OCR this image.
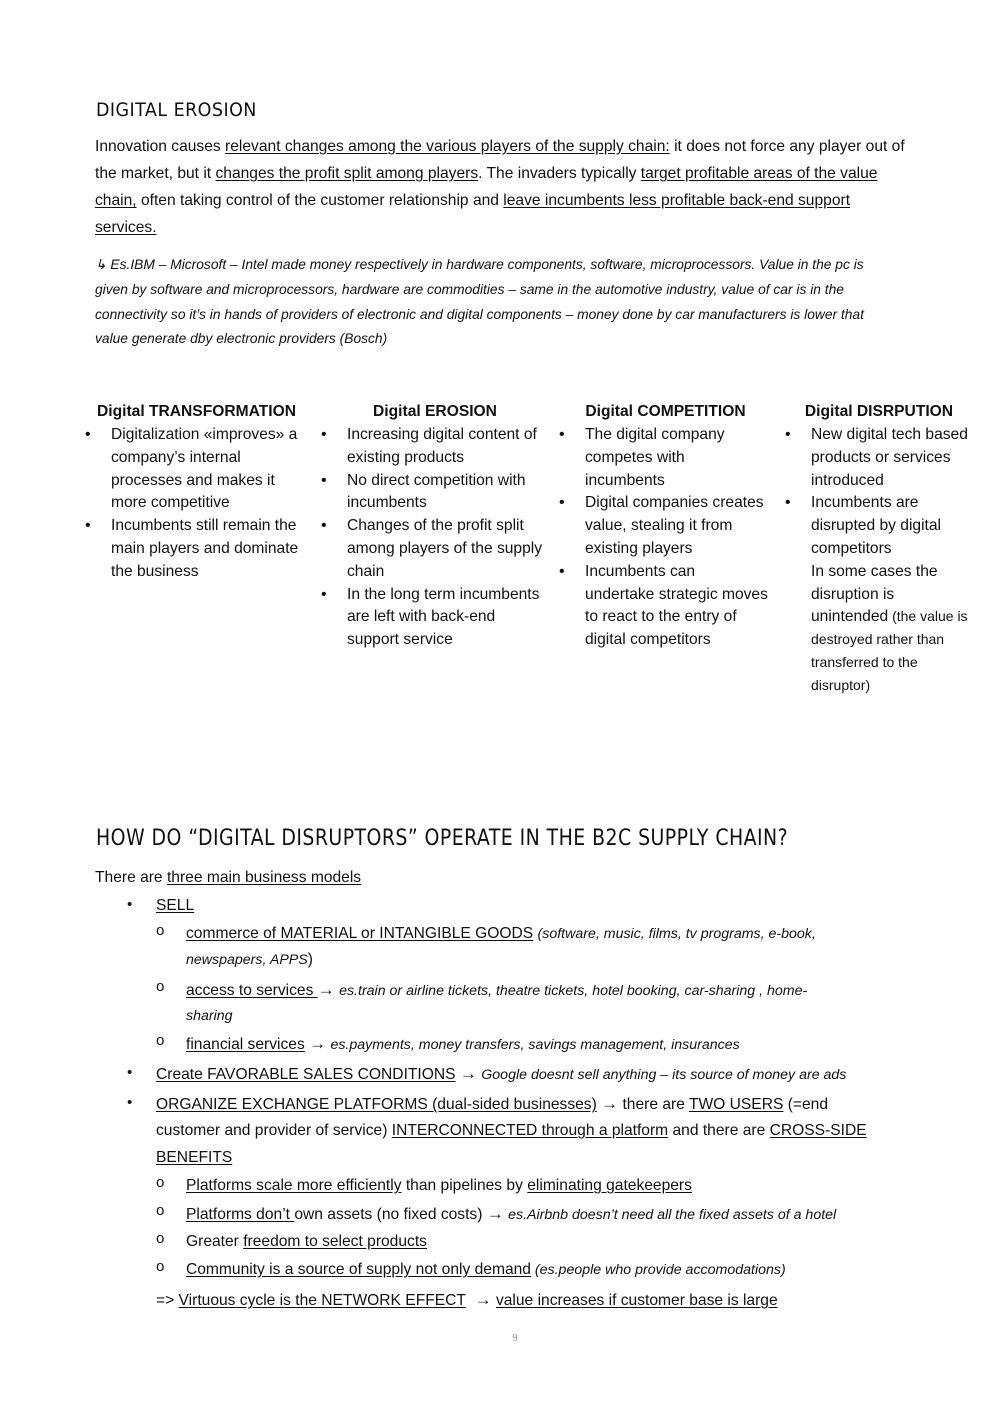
DIGITAL EROSION
Innovation causes relevant changes among the various players of the supply chain: it does not force any player out of the market, but it changes the profit split among players. The invaders typically target profitable areas of the value chain, often taking control of the customer relationship and leave incumbents less profitable back-end support services.
↳ Es.IBM – Microsoft – Intel made money respectively in hardware components, software, microprocessors. Value in the pc is given by software and microprocessors, hardware are commodities – same in the automotive industry, value of car is in the connectivity so it’s in hands of providers of electronic and digital components – money done by car manufacturers is lower that value generate dby electronic providers (Bosch)
Digital TRANSFORMATION
• Digitalization «improves» a company’s internal processes and makes it more competitive
• Incumbents still remain the main players and dominate the business
Digital EROSION
• Increasing digital content of existing products
• No direct competition with incumbents
• Changes of the profit split among players of the supply chain
• In the long term incumbents are left with back-end support service
Digital COMPETITION
• The digital company competes with incumbents
• Digital companies creates value, stealing it from existing players
• Incumbents can undertake strategic moves to react to the entry of digital competitors
Digital DISRPUTION
• New digital tech based products or services introduced
• Incumbents are disrupted by digital competitors
In some cases the disruption is unintended (the value is destroyed rather than transferred to the disruptor)
HOW DO “DIGITAL DISRUPTORS” OPERATE IN THE B2C SUPPLY CHAIN?
There are three main business models
• SELL
o commerce of MATERIAL or INTANGIBLE GOODS (software, music, films, tv programs, e-book,
newspapers, APPS)
o access to services → es.train or airline tickets, theatre tickets, hotel booking, car-sharing , home-
sharing
o financial services → es.payments, money transfers, savings management, insurances
• Create FAVORABLE SALES CONDITIONS → Google doesnt sell anything – its source of money are ads
• ORGANIZE EXCHANGE PLATFORMS (dual-sided businesses) → there are TWO USERS (=end
customer and provider of service) INTERCONNECTED through a platform and there are CROSS-SIDE
BENEFITS
o Platforms scale more efficiently than pipelines by eliminating gatekeepers
o Platforms don’t own assets (no fixed costs) → es.Airbnb doesn’t need all the fixed assets of a hotel
o Greater freedom to select products
o Community is a source of supply not only demand (es.people who provide accomodations)
=> Virtuous cycle is the NETWORK EFFECT → value increases if customer base is large
9
